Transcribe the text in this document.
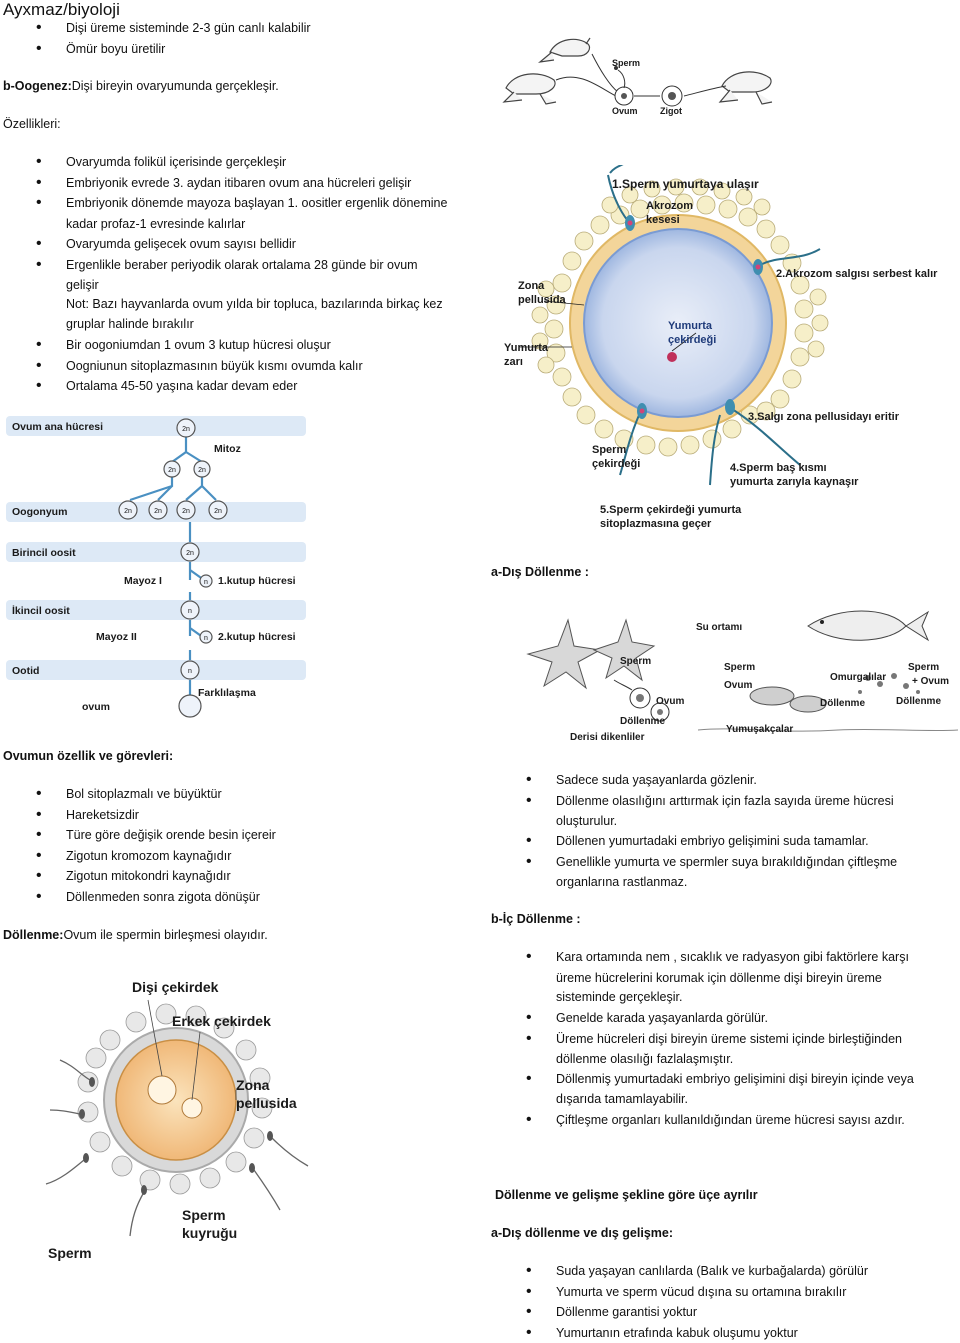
Ayxmaz/biyoloji
• Dişi üreme sisteminde 2-3 gün canlı kalabilir
• Ömür boyu üretilir
b-Oogenez:Dişi bireyin ovaryumunda gerçekleşir.
Özellikleri:
• Ovaryumda folikül içerisinde gerçekleşir
• Embriyonik evrede 3. aydan itibaren ovum ana hücreleri gelişir
• Embriyonik dönemde mayoza başlayan 1. oositler ergenlik dönemine
kadar profaz-1 evresinde kalırlar
• Ovaryumda gelişecek ovum sayısı bellidir
• Ergenlikle beraber periyodik olarak ortalama 28 günde bir ovum
gelişir
Not: Bazı hayvanlarda ovum yılda bir topluca, bazılarında birkaç kez
gruplar halinde bırakılır
• Bir oogoniumdan 1 ovum 3 kutup hücresi oluşur
• Oogniunun sitoplazmasının büyük kısmı ovumda kalır
• Ortalama 45-50 yaşına kadar devam eder
Sperm
Ovum Zigot
1.Sperm yumurtaya ulaşır
Akrozom
kesesi
2.Akrozom salgısı serbest kalır
Zona
pellusida
Yumurta
çekirdeği
Yumurta
zarı
3.Salgı zona pellusidayı eritir
Sperm
çekirdeği	4.Sperm baş kısmı
yumurta zarıyla kaynaşır
5.Sperm çekirdeği yumurta
sitoplazmasına geçer
2n
2n	2n
2n	2n	2n	2n
2n
n
n
n
n
Ovum ana hücresi
Mitoz
Oogonyum
Birincil oosit
Mayoz I	1.kutup hücresi
İkincil oosit
Mayoz II	2.kutup hücresi
Ootid
Farklılaşma
ovum
a-Dış Döllenme :
Su ortamı
Sperm
Ovum
Döllenme
Derisi dikenliler
Sperm
Omurgalılar
Ovum
Döllenme
Sperm
+ Ovum
Döllenme
Yumuşakçalar
Ovumun özellik ve görevleri:
• Bol sitoplazmalı ve büyüktür
• Hareketsizdir
• Türe göre değişik orende besin içereir
• Zigotun kromozom kaynağıdır
• Zigotun mitokondri kaynağıdır
• Döllenmeden sonra zigota dönüşür
Döllenme:Ovum ile spermin birleşmesi olayıdır.
Dişi çekirdek
Erkek çekirdek
Zona
pellusida
Sperm
kuyruğu
Sperm
• Sadece suda yaşayanlarda gözlenir.
• Döllenme olasılığını arttırmak için fazla sayıda üreme hücresi
oluşturulur.
• Döllenen yumurtadaki embriyo gelişimini suda tamamlar.
• Genellikle yumurta ve spermler suya bırakıldığından çiftleşme
organlarına rastlanmaz.
b-İç Döllenme :
• Kara ortamında nem , sıcaklık ve radyasyon gibi faktörlere karşı
üreme hücrelerini korumak için döllenme dişi bireyin üreme
sisteminde gerçekleşir.
• Genelde karada yaşayanlarda görülür.
• Üreme hücreleri dişi bireyin üreme sistemi içinde birleştiğinden
döllenme olasılığı fazlalaşmıştır.
• Döllenmiş yumurtadaki embriyo gelişimini dişi bireyin içinde veya
dışarıda tamamlayabilir.
• Çiftleşme organları kullanıldığından üreme hücresi sayısı azdır.
Döllenme ve gelişme şekline göre üçe ayrılır
a-Dış döllenme ve dış gelişme:
• Suda yaşayan canlılarda (Balık ve kurbağalarda) görülür
• Yumurta ve sperm vücud dışına su ortamına bırakılır
• Döllenme garantisi yoktur
• Yumurtanın etrafında kabuk oluşumu yoktur
